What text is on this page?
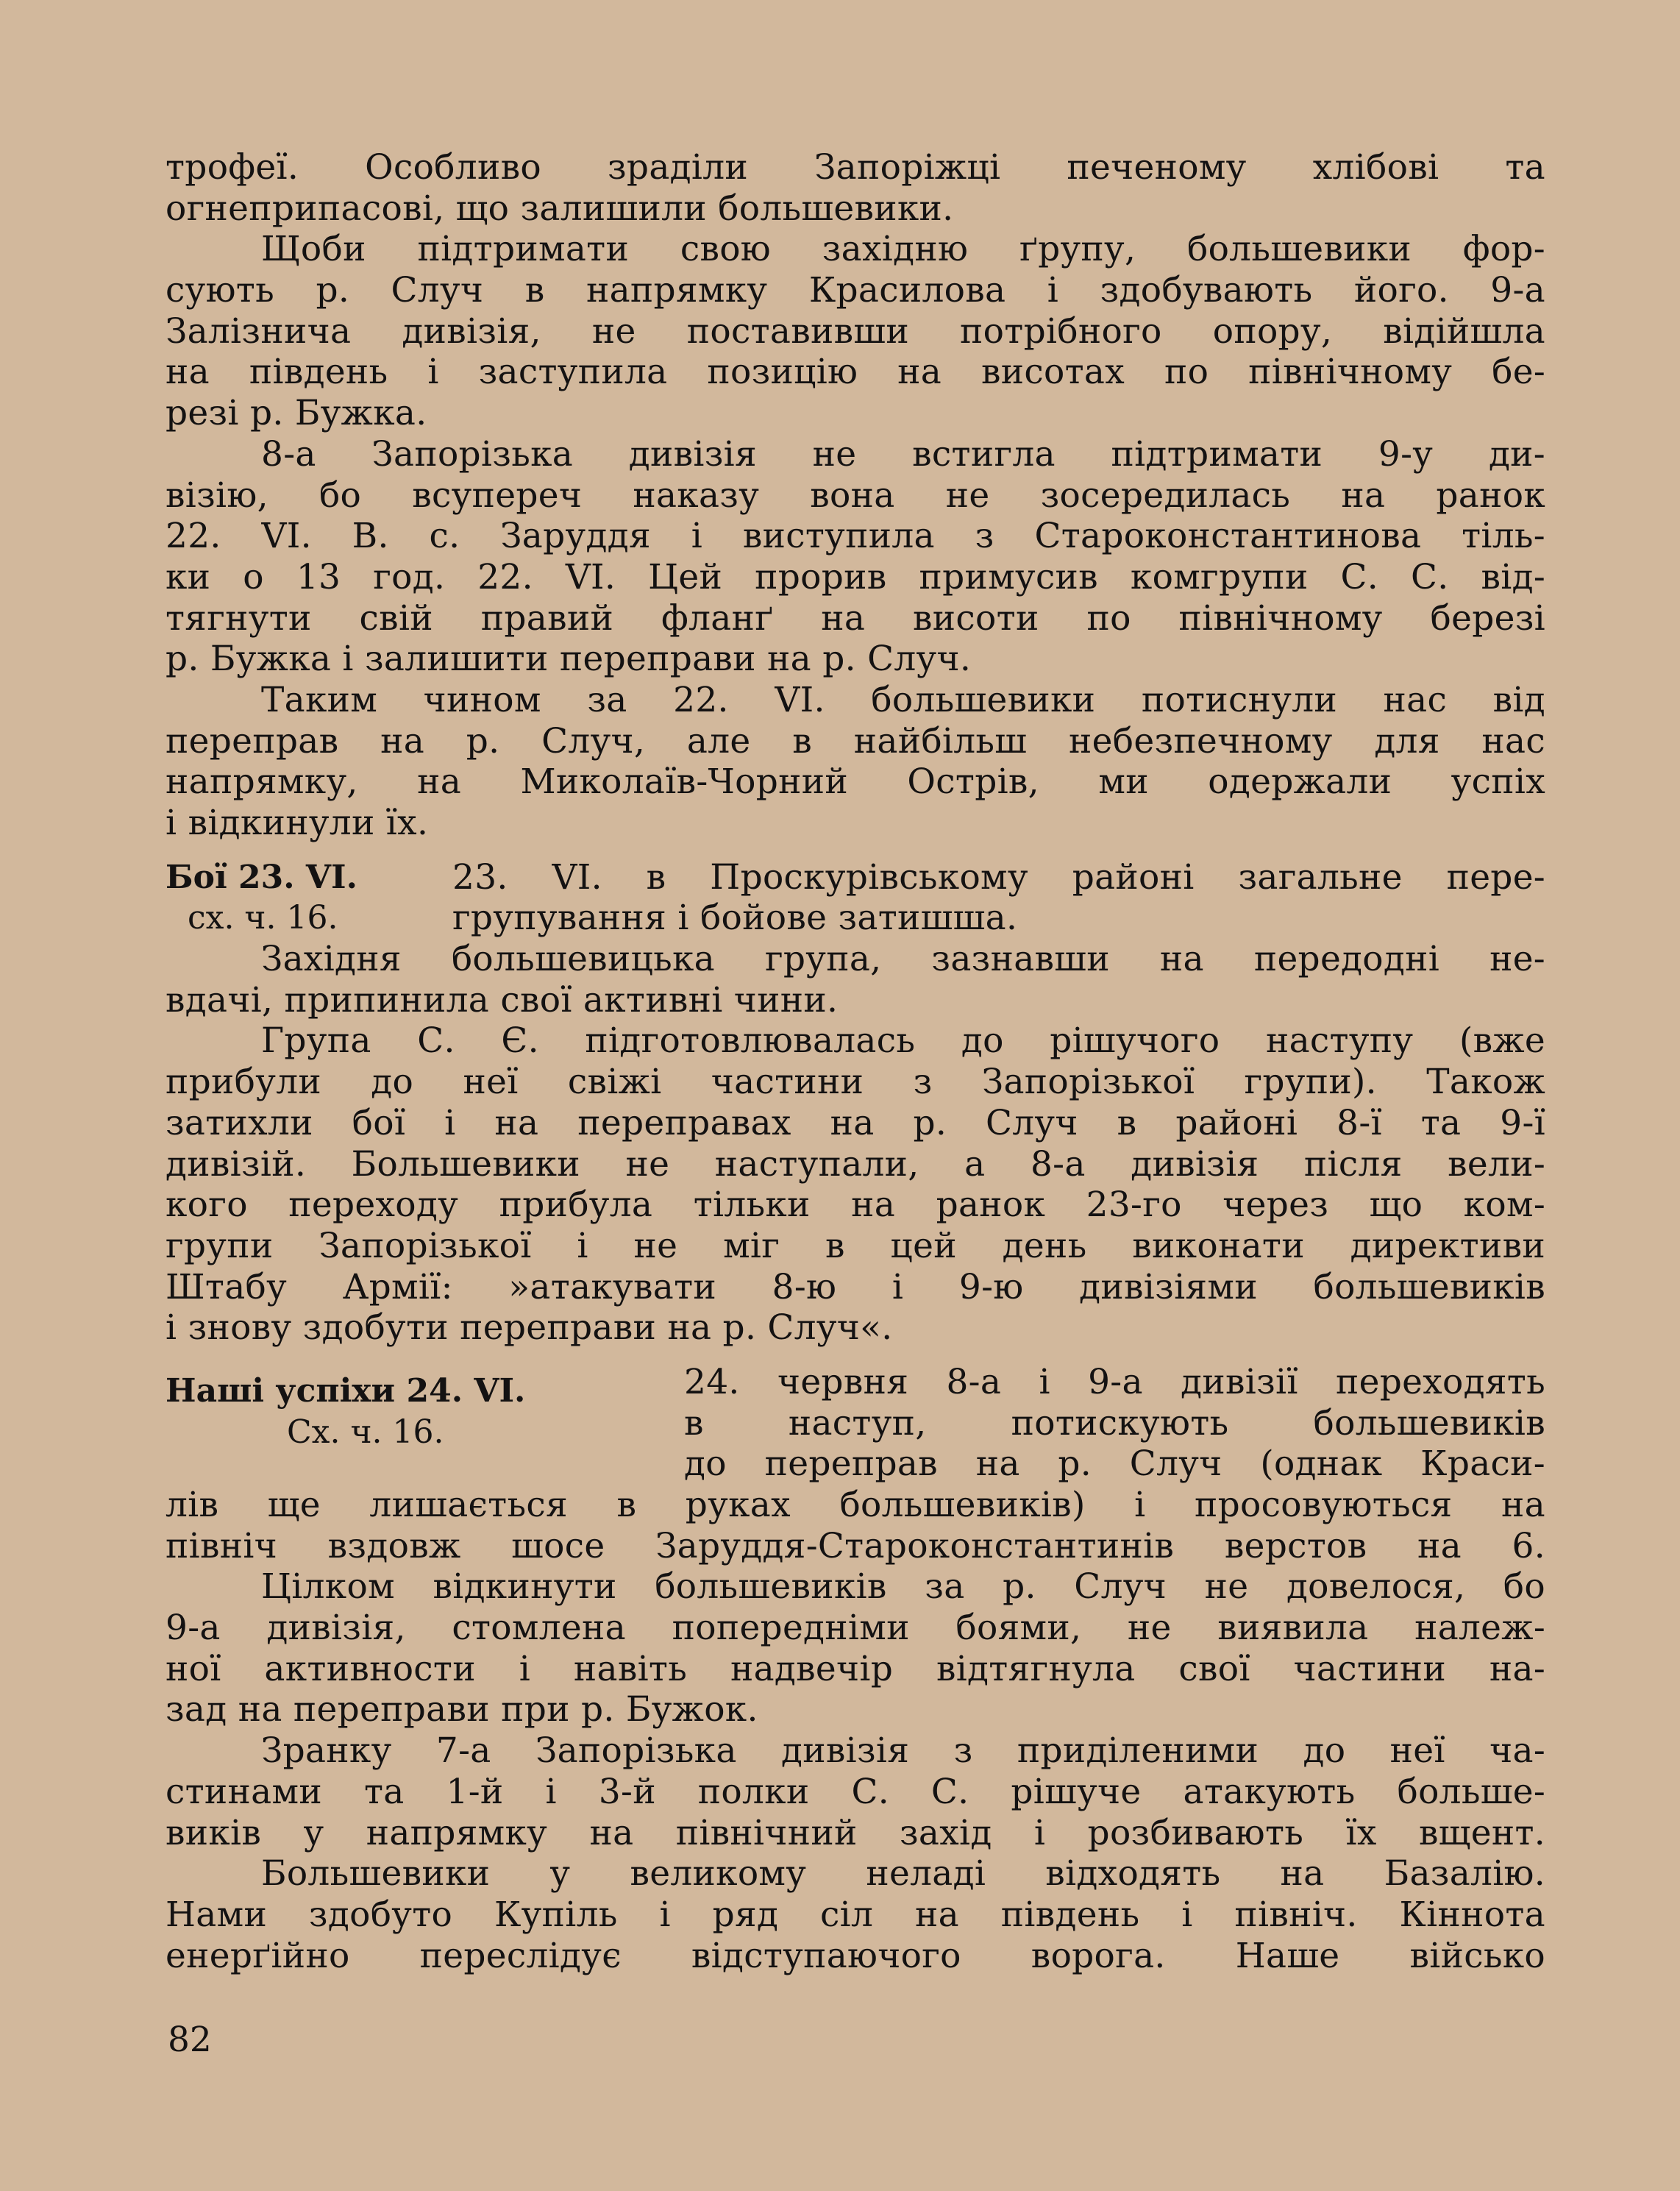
трофеї. Особливо зраділи Запоріжці печеному хлібові та
огнеприпасові, що залишили большевики.
Щоби підтримати свою західню ґрупу, большевики фор-
сують р. Случ в напрямку Красилова і здобувають його. 9-а
Залізнича дивізія, не поставивши потрібного опору, відійшла
на південь і заступила позицію на висотах по північному бе-
резі р. Бужка.
8-а Запорізька дивізія не встигла підтримати 9-у ди-
візію, бо всупереч наказу вона не зосередилась на ранок
22. VI. В. с. Заруддя і виступила з Староконстантинова тіль-
ки о 13 год. 22. VI. Цей прорив примусив комгрупи С. С. від-
тягнути свій правий фланґ на висоти по північному березі
р. Бужка і залишити переправи на р. Случ.
Таким чином за 22. VI. большевики потиснули нас від
переправ на р. Случ, але в найбільш небезпечному для нас
напрямку, на Миколаїв-Чорний Острів, ми одержали успіх
і відкинули їх.
Бої 23. VI.
сх. ч. 16.
23. VI. в Проскурівському районі загальне пере-
групування і бойове затишша.
Західня большевицька група, зазнавши на передодні не-
вдачі, припинила свої активні чини.
Група С. Є. підготовлювалась до рішучого наступу (вже
прибули до неї свіжі частини з Запорізької групи). Також
затихли бої і на переправах на р. Случ в районі 8-ї та 9-ї
дивізій. Большевики не наступали, а 8-а дивізія після вели-
кого переходу прибула тільки на ранок 23-го через що ком-
групи Запорізької і не міг в цей день виконати директиви
Штабу Армії: »атакувати 8-ю і 9-ю дивізіями большевиків
і знову здобути переправи на р. Случ«.
Наші успіхи 24. VI.
Сх. ч. 16.
24. червня 8-а і 9-а дивізії переходять
в наступ, потискують большевиків
до переправ на р. Случ (однак Краси-
лів ще лишається в руках большевиків) і просовуються на
північ вздовж шосе Заруддя-Староконстантинів верстов на 6.
Цілком відкинути большевиків за р. Случ не довелося, бо
9-а дивізія, стомлена попередніми боями, не виявила належ-
ної активности і навіть надвечір відтягнула свої частини на-
зад на переправи при р. Бужок.
Зранку 7-а Запорізька дивізія з приділеними до неї ча-
стинами та 1-й і 3-й полки С. С. рішуче атакують больше-
виків у напрямку на північний захід і розбивають їх вщент.
Большевики у великому неладі відходять на Базалію.
Нами здобуто Купіль і ряд сіл на південь і північ. Кіннота
енерґійно переслідує відступаючого ворога. Наше військо
82
